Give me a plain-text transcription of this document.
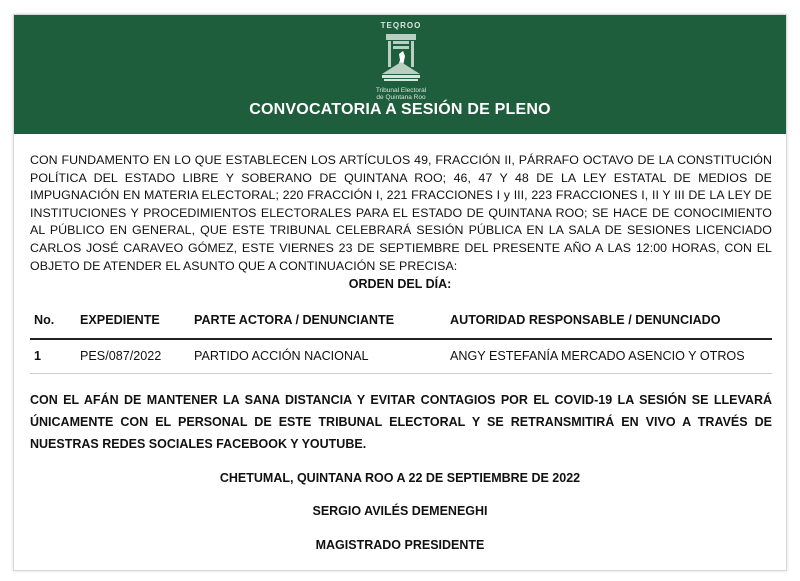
TEQROO
Tribunal Electoral
de Quintana Roo
CONVOCATORIA A SESIÓN DE PLENO
CON FUNDAMENTO EN LO QUE ESTABLECEN LOS ARTÍCULOS 49, FRACCIÓN II, PÁRRAFO OCTAVO DE LA CONSTITUCIÓN POLÍTICA DEL ESTADO LIBRE Y SOBERANO DE QUINTANA ROO; 46, 47 Y 48 DE LA LEY ESTATAL DE MEDIOS DE IMPUGNACIÓN EN MATERIA ELECTORAL; 220 FRACCIÓN I, 221 FRACCIONES I y III, 223 FRACCIONES I, II Y III DE LA LEY DE INSTITUCIONES Y PROCEDIMIENTOS ELECTORALES PARA EL ESTADO DE QUINTANA ROO; SE HACE DE CONOCIMIENTO AL PÚBLICO EN GENERAL, QUE ESTE TRIBUNAL CELEBRARÁ SESIÓN PÚBLICA EN LA SALA DE SESIONES LICENCIADO CARLOS JOSÉ CARAVEO GÓMEZ, ESTE VIERNES 23 DE SEPTIEMBRE DEL PRESENTE AÑO A LAS 12:00 HORAS, CON EL OBJETO DE ATENDER EL ASUNTO QUE A CONTINUACIÓN SE PRECISA:
ORDEN DEL DÍA:
No.	EXPEDIENTE	PARTE ACTORA / DENUNCIANTE	AUTORIDAD RESPONSABLE / DENUNCIADO
1	PES/087/2022	PARTIDO ACCIÓN NACIONAL	ANGY ESTEFANÍA MERCADO ASENCIO Y OTROS
CON EL AFÁN DE MANTENER LA SANA DISTANCIA Y EVITAR CONTAGIOS POR EL COVID-19 LA SESIÓN SE LLEVARÁ ÚNICAMENTE CON EL PERSONAL DE ESTE TRIBUNAL ELECTORAL Y SE RETRANSMITIRÁ EN VIVO A TRAVÉS DE NUESTRAS REDES SOCIALES FACEBOOK Y YOUTUBE.
CHETUMAL, QUINTANA ROO A 22 DE SEPTIEMBRE DE 2022
SERGIO AVILÉS DEMENEGHI
MAGISTRADO PRESIDENTE
